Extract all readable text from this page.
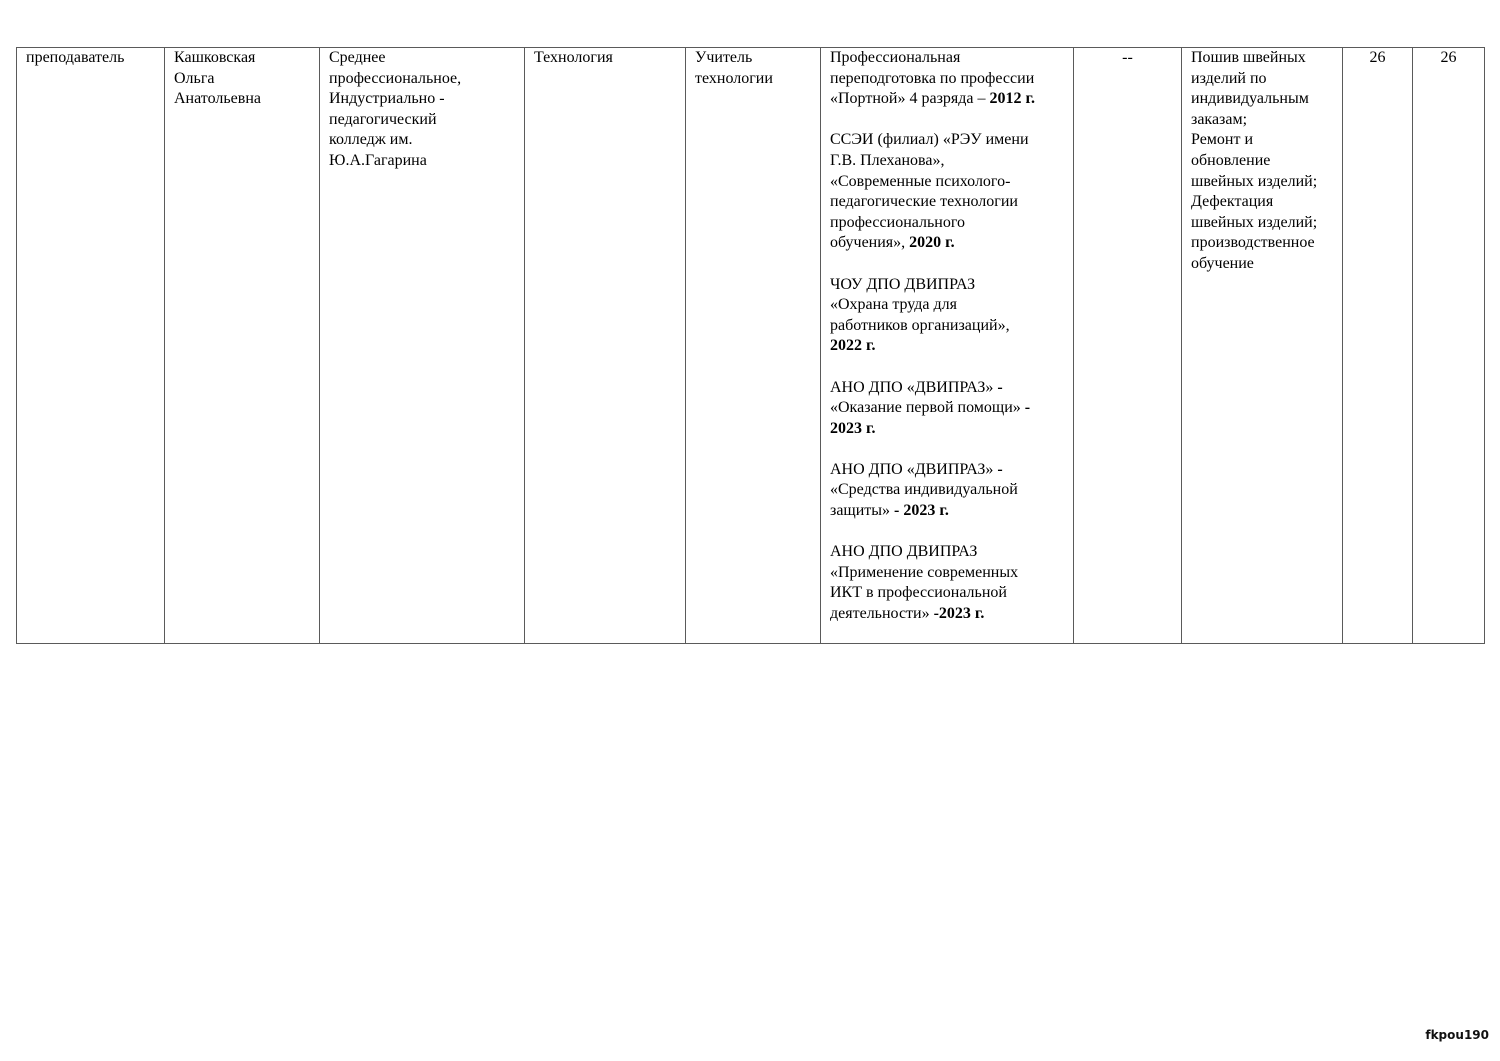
преподаватель	Кашковская
Ольга
Анатольевна	Среднее
профессиональное,
Индустриально -
педагогический
колледж им.
Ю.А.Гагарина	Технология	Учитель
технологии	
Профессиональная
переподготовка по профессии
«Портной» 4 разряда – 2012 г.
ССЭИ (филиал) «РЭУ имени
Г.В. Плеханова»,
«Современные психолого-
педагогические технологии
профессионального
обучения», 2020 г.
ЧОУ ДПО ДВИПРАЗ
«Охрана труда для
работников организаций»,
2022 г.
АНО ДПО «ДВИПРАЗ» -
«Оказание первой помощи» -
2023 г.
АНО ДПО «ДВИПРАЗ» -
«Средства индивидуальной
защиты» - 2023 г.
АНО ДПО ДВИПРАЗ
«Применение современных
ИКТ в профессиональной
деятельности» -2023 г.
	--	Пошив швейных
изделий по
индивидуальным
заказам;
Ремонт и
обновление
швейных изделий;
Дефектация
швейных изделий;
производственное
обучение	26	26
fkpou190
